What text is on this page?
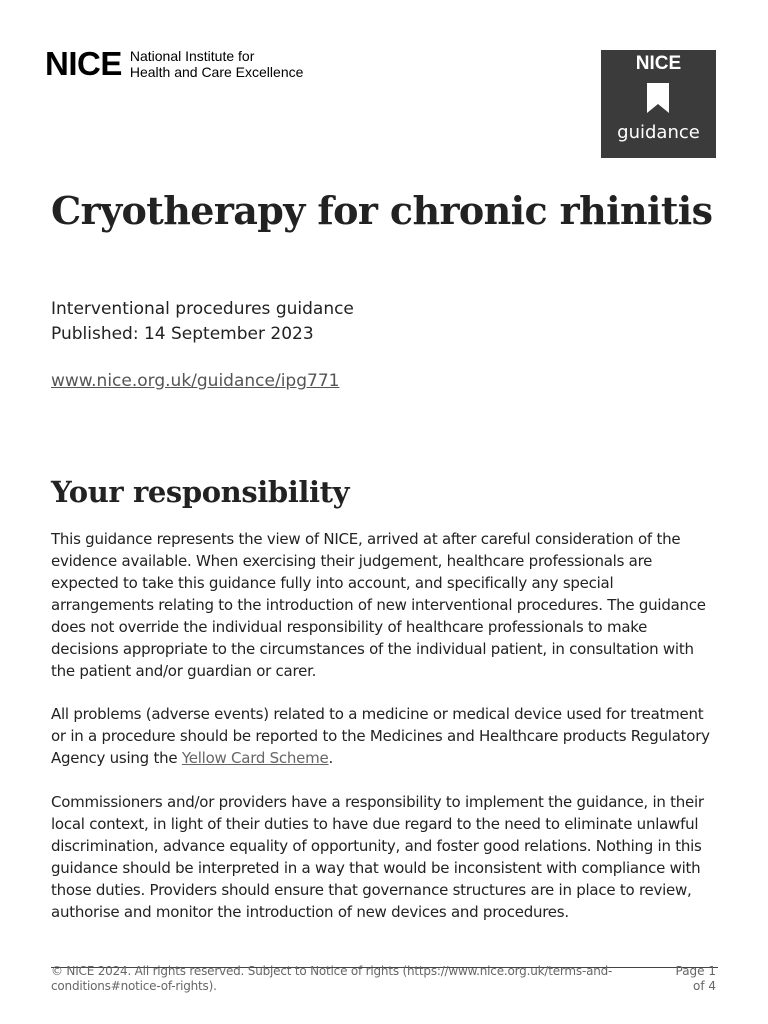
NICE National Institute for
Health and Care Excellence	NICE
guidance
Cryotherapy for chronic rhinitis
Interventional procedures guidance
Published: 14 September 2023
www.nice.org.uk/guidance/ipg771
Your responsibility
This guidance represents the view of NICE, arrived at after careful consideration of the
evidence available. When exercising their judgement, healthcare professionals are
expected to take this guidance fully into account, and specifically any special
arrangements relating to the introduction of new interventional procedures. The guidance
does not override the individual responsibility of healthcare professionals to make
decisions appropriate to the circumstances of the individual patient, in consultation with
the patient and/or guardian or carer.
All problems (adverse events) related to a medicine or medical device used for treatment
or in a procedure should be reported to the Medicines and Healthcare products Regulatory
Agency using the Yellow Card Scheme.
Commissioners and/or providers have a responsibility to implement the guidance, in their
local context, in light of their duties to have due regard to the need to eliminate unlawful
discrimination, advance equality of opportunity, and foster good relations. Nothing in this
guidance should be interpreted in a way that would be inconsistent with compliance with
those duties. Providers should ensure that governance structures are in place to review,
authorise and monitor the introduction of new devices and procedures.
© NICE 2024. All rights reserved. Subject to Notice of rights (https://www.nice.org.uk/terms-and-
conditions#notice-of-rights).
Page 1
of 4
